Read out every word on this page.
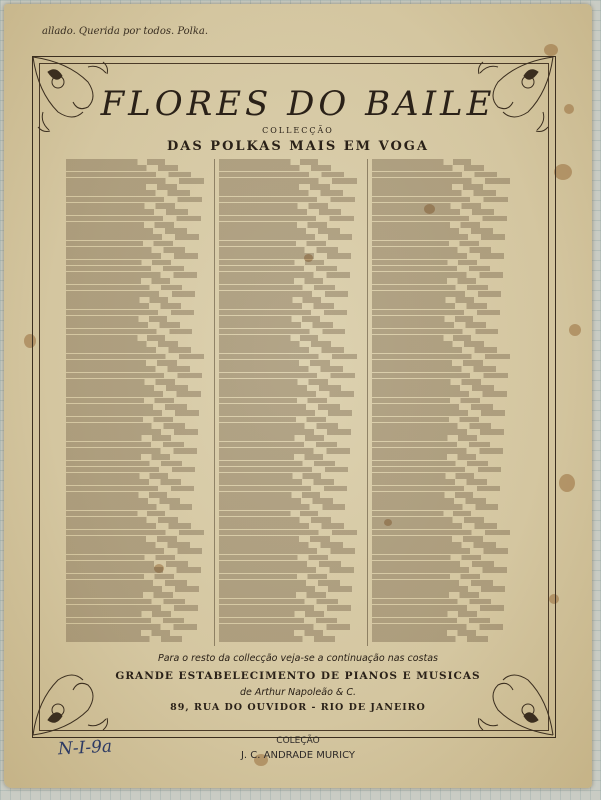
allado. Querida por todos. Polka.
FLORES DO BAILE
COLLECÇÃO
DAS POLKAS MAIS EM VOGA
Para o resto da collecção veja-se a continuação nas costas
GRANDE ESTABELECIMENTO DE PIANOS E MUSICAS
de Arthur Napoleão & C.
89, RUA DO OUVIDOR - RIO DE JANEIRO
N-I-9a	COLEÇÃO
J. C. ANDRADE MURICY
